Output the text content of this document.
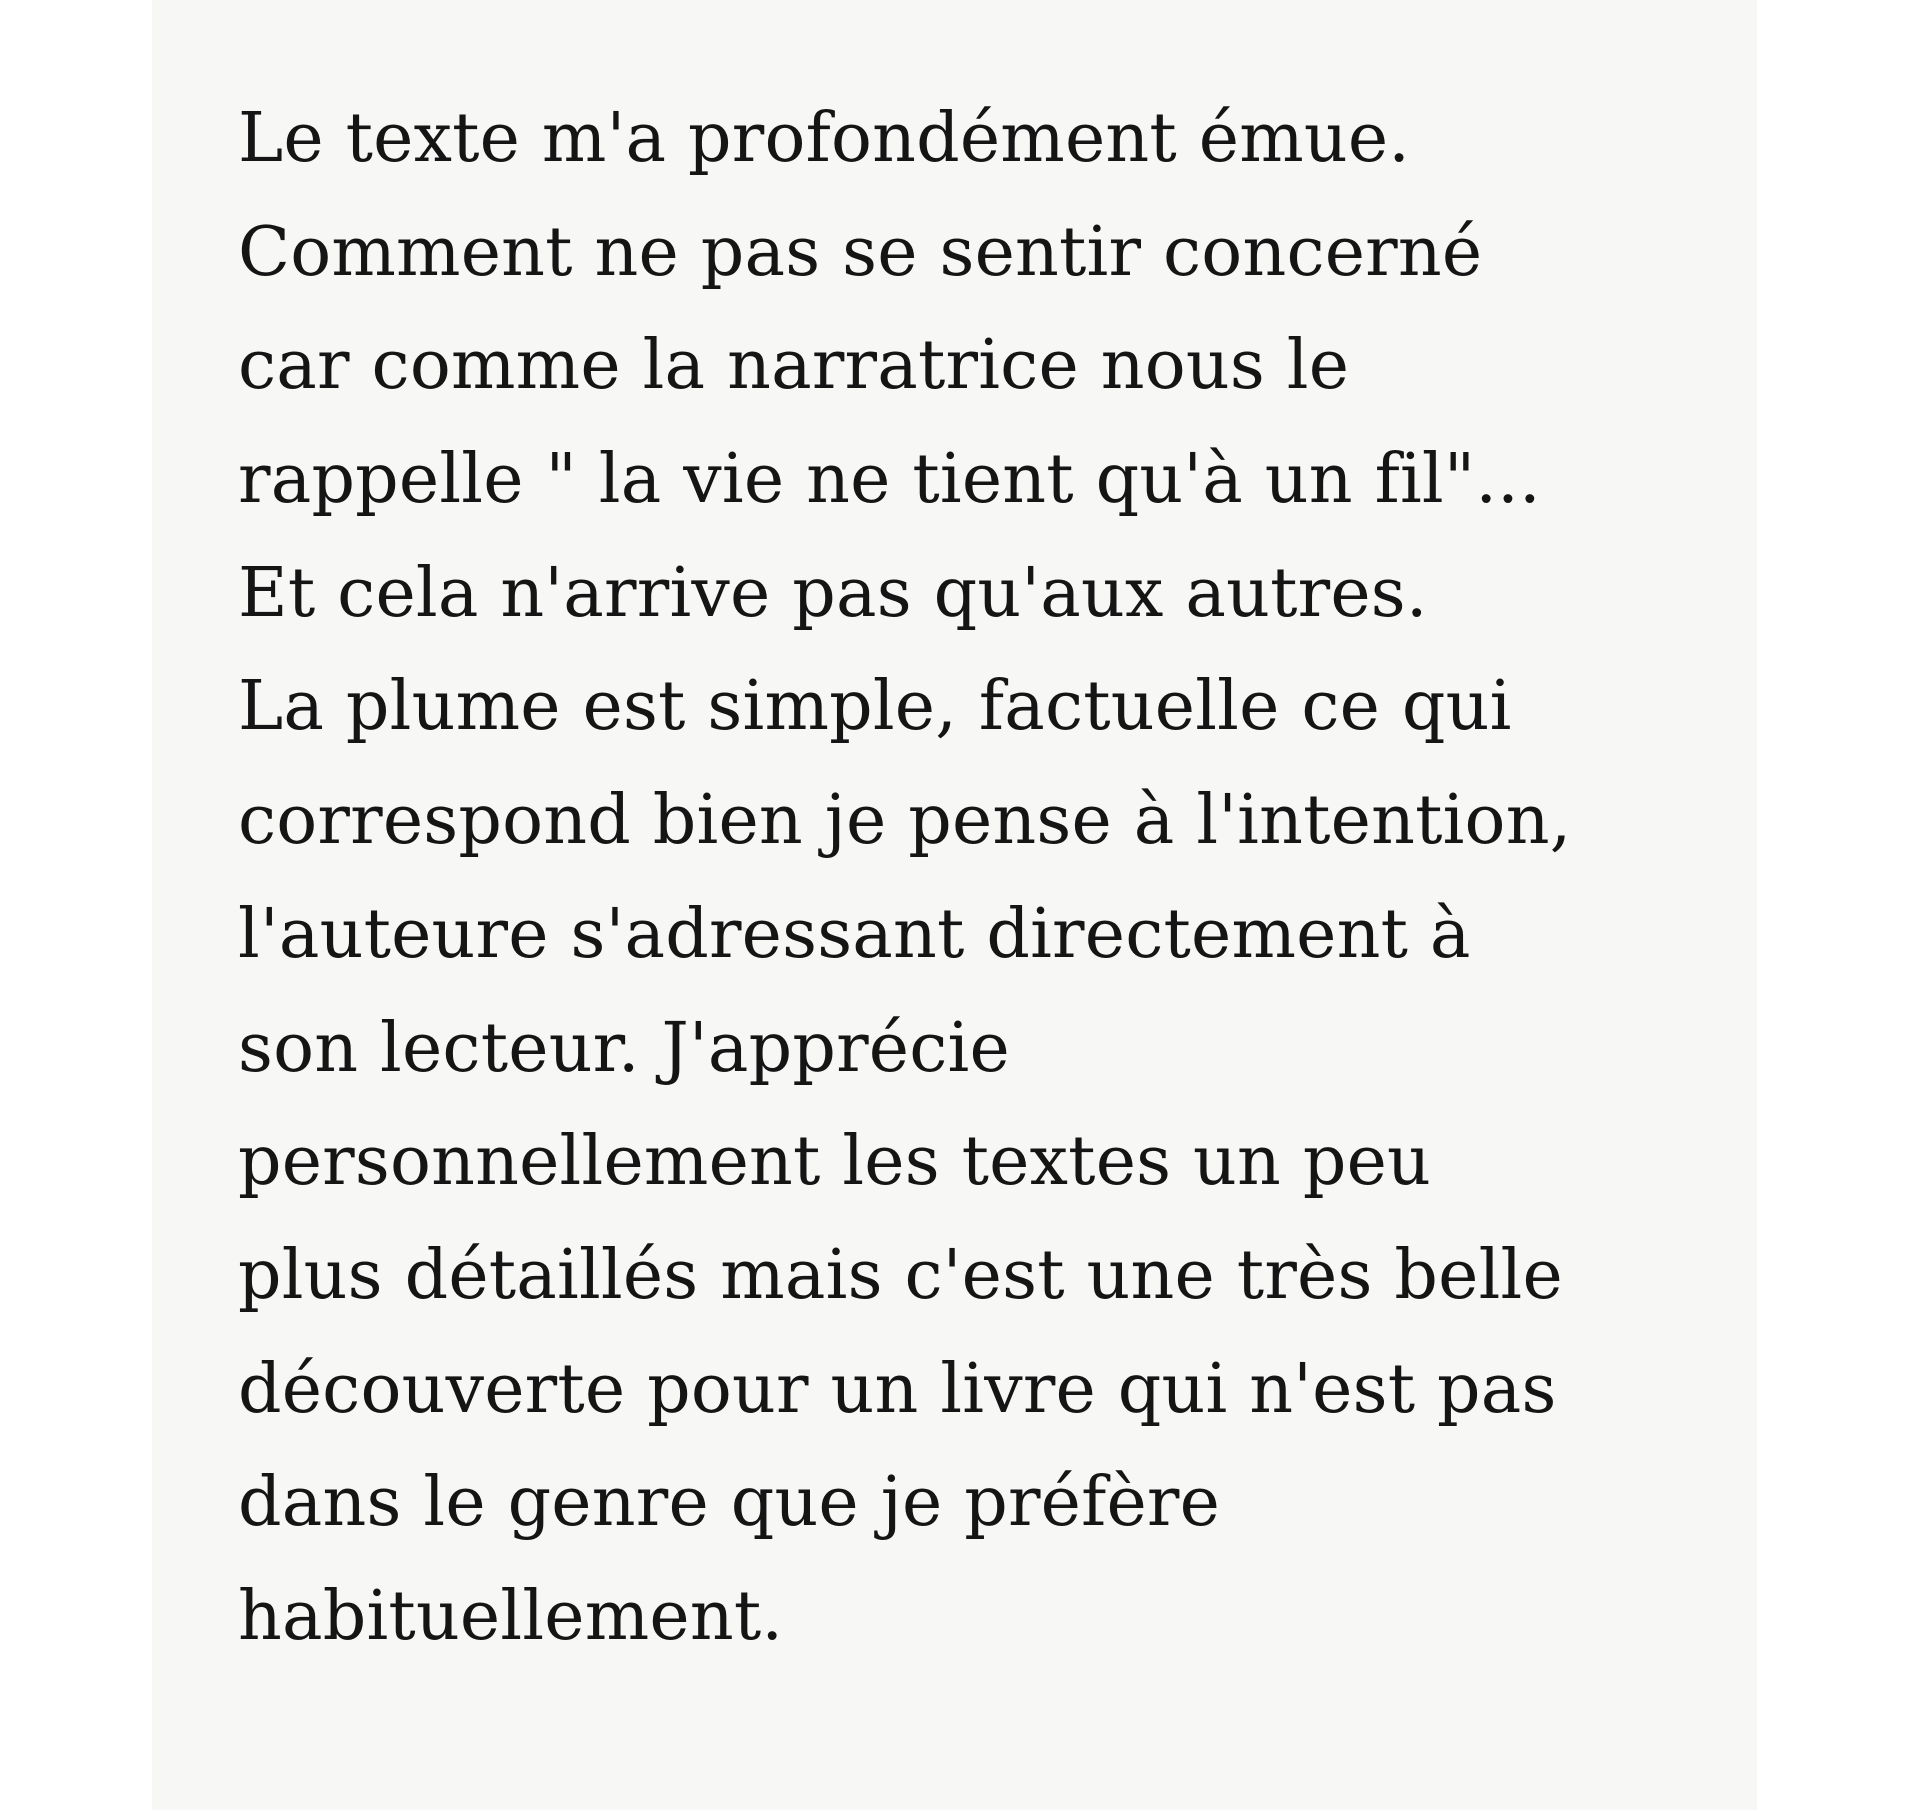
Le texte m'a profondément émue.
Comment ne pas se sentir concerné
car comme la narratrice nous le
rappelle " la vie ne tient qu'à un fil"...
Et cela n'arrive pas qu'aux autres.
La plume est simple, factuelle ce qui
correspond bien je pense à l'intention,
l'auteure s'adressant directement à
son lecteur. J'apprécie
personnellement les textes un peu
plus détaillés mais c'est une très belle
découverte pour un livre qui n'est pas
dans le genre que je préfère
habituellement.
